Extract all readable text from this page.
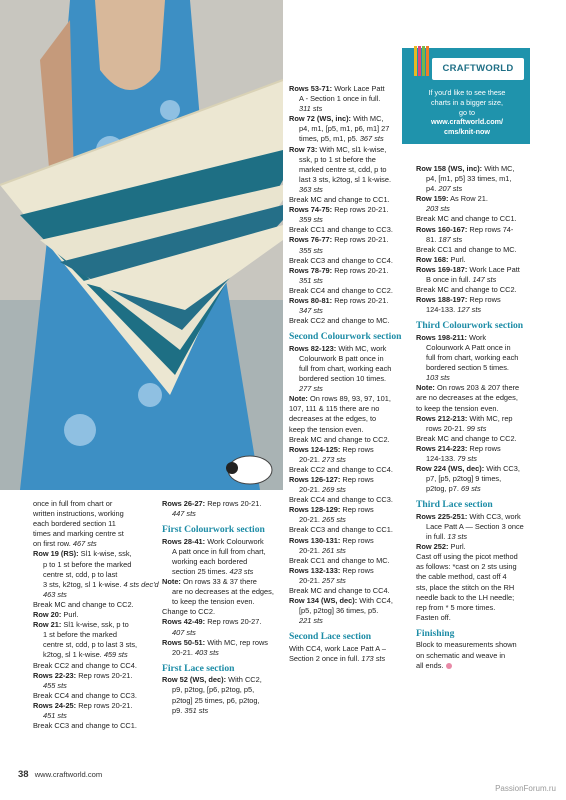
once in full from chart or

written instructions, working

each bordered section 11

times and marking centre st

on first row. 467 sts

Row 19 (RS): Sl1 k-wise, ssk,

p to 1 st before the marked

centre st, cdd, p to last

3 sts, k2tog, sl 1 k-wise. 4 sts dec'd

463 sts

Break MC and change to CC2.

Row 20: Purl.

Row 21: Sl1 k-wise, ssk, p to

1 st before the marked

centre st, cdd, p to last 3 sts,

k2tog, sl 1 k-wise. 459 sts

Break CC2 and change to CC4.

Rows 22-23: Rep rows 20-21.

455 sts

Break CC4 and change to CC3.

Rows 24-25: Rep rows 20-21.

451 sts

Break CC3 and change to CC1.

Rows 26-27: Rep rows 20-21.

447 sts

First Colourwork section

Rows 28-41: Work Colourwork

A patt once in full from chart,

working each bordered

section 25 times. 423 sts

Note: On rows 33 & 37 there

are no decreases at the edges,

to keep the tension even.

Change to CC2.

Rows 42-49: Rep rows 20-27.

407 sts

Rows 50-51: With MC, rep rows

20-21. 403 sts

First Lace section

Row 52 (WS, dec): With CC2,

p9, p2tog, [p6, p2tog, p5,

p2tog] 25 times, p6, p2tog,

p9. 351 sts

Rows 53-71: Work Lace Patt

A - Section 1 once in full.

311 sts

Row 72 (WS, inc): With MC,

p4, m1, [p5, m1, p6, m1] 27

times, p5, m1, p5. 367 sts

Row 73: With MC, sl1 k-wise,

ssk, p to 1 st before the

marked centre st, cdd, p to

last 3 sts, k2tog, sl 1 k-wise.

363 sts

Break MC and change to CC1.

Rows 74-75: Rep rows 20-21.

359 sts

Break CC1 and change to CC3.

Rows 76-77: Rep rows 20-21.

355 sts

Break CC3 and change to CC4.

Rows 78-79: Rep rows 20-21.

351 sts

Break CC4 and change to CC2.

Rows 80-81: Rep rows 20-21.

347 sts

Break CC2 and change to MC.

Second Colourwork section

Rows 82-123: With MC, work

Colourwork B patt once in

full from chart, working each

bordered section 10 times.

277 sts

Note: On rows 89, 93, 97, 101,

107, 111 & 115 there are no

decreases at the edges, to

keep the tension even.

Break MC and change to CC2.

Rows 124-125: Rep rows

20-21. 273 sts

Break CC2 and change to CC4.

Rows 126-127: Rep rows

20-21. 269 sts

Break CC4 and change to CC3.

Rows 128-129: Rep rows

20-21. 265 sts

Break CC3 and change to CC1.

Rows 130-131: Rep rows

20-21. 261 sts

Break CC1 and change to MC.

Rows 132-133: Rep rows

20-21. 257 sts

Break MC and change to CC4.

Row 134 (WS, dec): With CC4,

[p5, p2tog] 36 times, p5.

221 sts

Second Lace section

With CC4, work Lace Patt A –

Section 2 once in full. 173 sts

CRAFTWORLD
If you'd like to see these
charts in a bigger size,
go to
www.craftworld.com/
cms/knit-now

Row 158 (WS, inc): With MC,

p4, [m1, p5] 33 times, m1,

p4. 207 sts

Row 159: As Row 21.

203 sts

Break MC and change to CC1.

Rows 160-167: Rep rows 74-

81. 187 sts

Break CC1 and change to MC.

Row 168: Purl.

Rows 169-187: Work Lace Patt

B once in full. 147 sts

Break MC and change to CC2.

Rows 188-197: Rep rows

124-133. 127 sts

Third Colourwork section

Rows 198-211: Work

Colourwork A Patt once in

full from chart, working each

bordered section 5 times.

103 sts

Note: On rows 203 & 207 there

are no decreases at the edges,

to keep the tension even.

Rows 212-213: With MC, rep

rows 20-21. 99 sts

Break MC and change to CC2.

Rows 214-223: Rep rows

124-133. 79 sts

Row 224 (WS, dec): With CC3,

p7, [p5, p2tog] 9 times,

p2tog, p7. 69 sts

Third Lace section

Rows 225-251: With CC3, work

Lace Patt A — Section 3 once

in full. 13 sts

Row 252: Purl.

Cast off using the picot method

as follows: *cast on 2 sts using

the cable method, cast off 4

sts, place the stitch on the RH

needle back to the LH needle;

rep from * 5 more times.

Fasten off.

Finishing

Block to measurements shown

on schematic and weave in

all ends.

38 www.craftworld.com
PassionForum.ru
